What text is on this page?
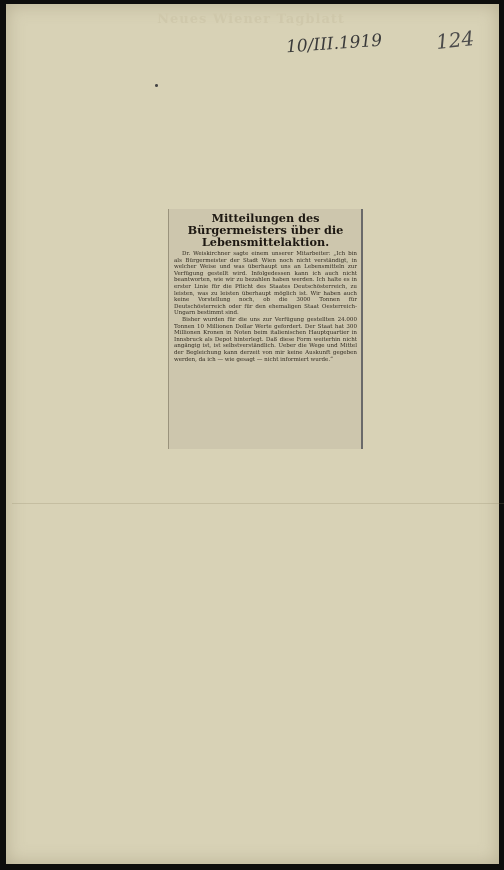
Neues Wiener Tagblatt
10/III.1919	124
Mitteilungen des Bürgermeisters über die Lebensmittelaktion.

Dr. Weiskirchner sagte einem unserer Mitarbeiter: „Ich bin als Bürgermeister der Stadt Wien noch nicht verständigt, in welcher Weise und was überhaupt uns an Lebensmitteln zur Verfügung gestellt wird. Infolgedessen kann ich auch nicht beantworten, wie wir zu bezahlen haben werden. Ich halte es in erster Linie für die Pflicht des Staates Deutschösterreich, zu leisten, was zu leisten überhaupt möglich ist. Wir haben auch keine Vorstellung noch, ob die 3000 Tonnen für Deutschösterreich oder für den ehemaligen Staat Oesterreich-Ungarn bestimmt sind.

Bisher wurden für die uns zur Verfügung gestellten 24.000 Tonnen 10 Millionen Dollar Werte gefordert. Der Staat hat 300 Millionen Kronen in Noten beim italienischen Hauptquartier in Innsbruck als Depot hinterlegt. Daß diese Form weiterhin nicht angängig ist, ist selbstverständlich. Ueber die Wege und Mittel der Begleichung kann derzeit von mir keine Auskunft gegeben werden, da ich — wie gesagt — nicht informiert wurde.“
